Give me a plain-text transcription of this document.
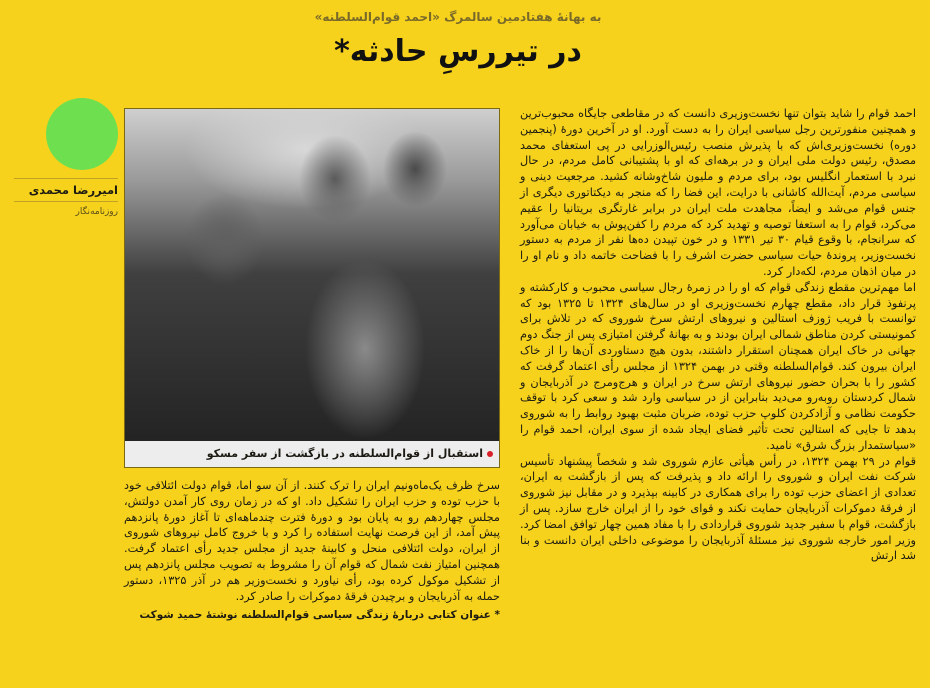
به بهانهٔ هفتادمین سالمرگ «احمد قوام‌السلطنه»
در تیررسِ حادثه*
امیررضا محمدی
روزنامه‌نگار
استقبال از قوام‌السلطنه در بازگشت از سفر مسکو

احمد قوام را شاید بتوان تنها نخست‌وزیری دانست که در مقاطعی جایگاه محبوب‌ترین و همچنین منفورترین رجل سیاسی ایران را به دست آورد. او در آخرین دورهٔ (پنجمین دوره) نخست‌وزیری‌اش که با پذیرش منصب رئیس‌الوزرایی در پی استعفای محمد مصدق، رئیس دولت ملی ایران و در برهه‌ای که او با پشتیبانی کامل مردم، در حال نبرد با استعمار انگلیس بود، برای مردم و ملیون شاخ‌وشانه کشید. مرجعیت دینی و سیاسی مردم، آیت‌الله کاشانی با درایت، این فضا را که منجر به دیکتاتوری دیگری از جنس قوام می‌شد و ایضاً، مجاهدت ملت ایران در برابر غارتگری بریتانیا را عقیم می‌کرد، قوام را به استعفا توصیه و تهدید کرد که مردم را کفن‌پوش به خیابان می‌آورد که سرانجام، با وقوع قیام ۳۰ تیر ۱۳۳۱ و در خون تپیدن ده‌ها نفر از مردم به دستور نخست‌وزیر، پروندهٔ حیات سیاسی حضرت اشرف را با فضاحت خاتمه داد و نام او را در میان اذهان مردم، لکه‌دار کرد.

اما مهم‌ترین مقطع زندگی قوام که او را در زمرهٔ رجال سیاسی محبوب و کارکشته و پرنفوذ قرار داد، مقطع چهارم نخست‌وزیری او در سال‌های ۱۳۲۴ تا ۱۳۲۵ بود که توانست با فریب ژوزف استالین و نیروهای ارتش سرخ شوروی که در تلاش برای کمونیستی کردن مناطق شمالی ایران بودند و به بهانهٔ گرفتن امتیازی پس از جنگ دوم جهانی در خاک ایران همچنان استقرار داشتند، بدون هیچ دستاوردی آن‌ها را از خاک ایران بیرون کند. قوام‌السلطنه وقتی در بهمن ۱۳۲۴ از مجلس رأی اعتماد گرفت که کشور را با بحران حضور نیروهای ارتش سرخ در ایران و هرج‌ومرج در آذربایجان و شمال کردستان روبه‌رو می‌دید بنابراین از در سیاسی وارد شد و سعی کرد با توقف حکومت نظامی و آزادکردن کلوپ حزب توده، ضربان مثبت بهبود روابط را به شوروی بدهد تا جایی که استالین تحت تأثیر فضای ایجاد شده از سوی ایران، احمد قوام را «سیاستمدار بزرگ شرق» نامید.

قوام در ۲۹ بهمن ۱۳۲۴، در رأس هیأتی عازم شوروی شد و شخصاً پیشنهاد تأسیس شرکت نفت ایران و شوروی را ارائه داد و پذیرفت که پس از بازگشت به ایران، تعدادی از اعضای حزب توده را برای همکاری در کابینه بپذیرد و در مقابل نیز شوروی از فرقهٔ دموکرات آذربایجان حمایت نکند و قوای خود را از ایران خارج سازد. پس از بازگشت، قوام با سفیر جدید شوروی قراردادی را با مفاد همین چهار توافق امضا کرد. وزیر امور خارجه شوروی نیز مسئلهٔ آذربایجان را موضوعی داخلی ایران دانست و بنا شد ارتش

سرخ ظرف یک‌ماه‌ونیم ایران را ترک کنند. از آن سو اما، قوام دولت ائتلافی خود با حزب توده و حزب ایران را تشکیل داد. او که در زمان روی کار آمدن دولتش، مجلس چهاردهم رو به پایان بود و دورهٔ فترت چندماهه‌ای تا آغاز دورهٔ پانزدهم پیش آمد، از این فرصت نهایت استفاده را کرد و با خروج کامل نیروهای شوروی از ایران، دولت ائتلافی منحل و کابینهٔ جدید از مجلس جدید رأی اعتماد گرفت. همچنین امتیاز نفت شمال که قوام آن را مشروط به تصویب مجلس پانزدهم پس از تشکیل موکول کرده بود، رأی نیاورد و نخست‌وزیر هم در آذر ۱۳۲۵، دستور حمله به آذربایجان و برچیدن فرقهٔ دموکرات را صادر کرد.

* عنوان کتابی دربارهٔ زندگی سیاسی قوام‌السلطنه نوشتهٔ حمید شوکت
